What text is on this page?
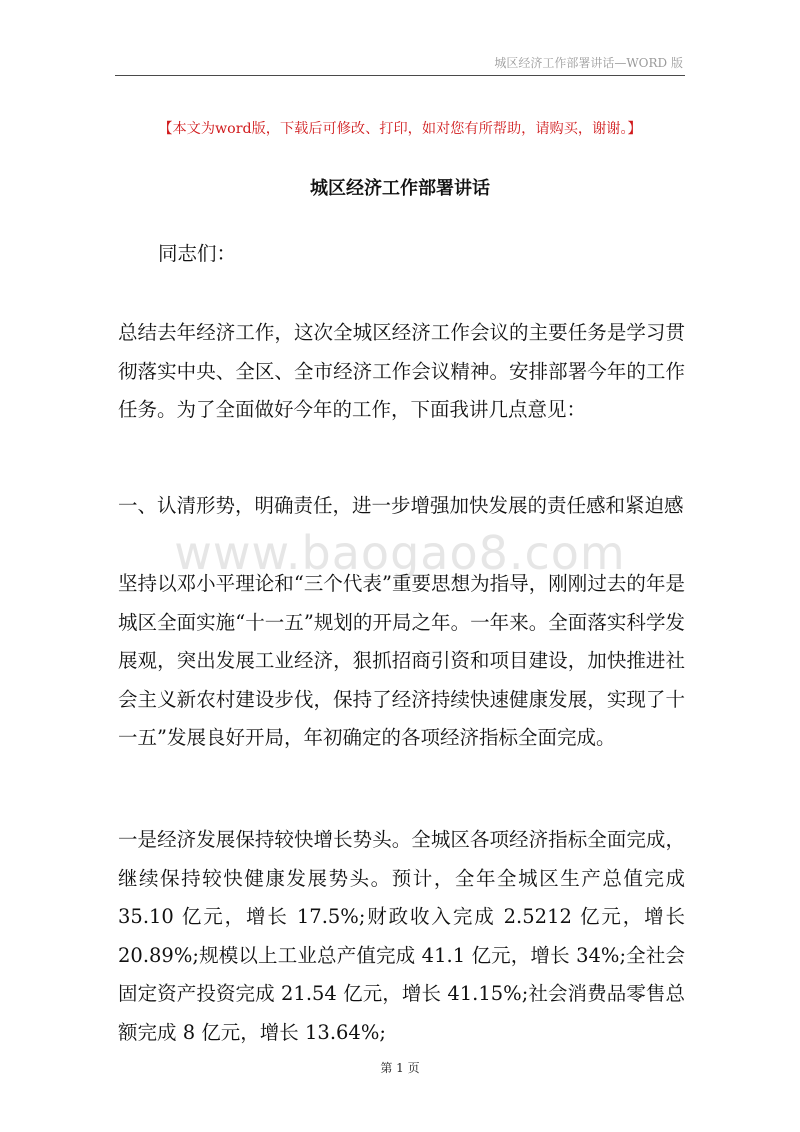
城区经济工作部署讲话—WORD 版
【本文为word版，下载后可修改、打印，如对您有所帮助，请购买，谢谢。】
城区经济工作部署讲话

同志们：

总结去年经济工作，这次全城区经济工作会议的主要任务是学习贯彻落实中央、全区、全市经济工作会议精神。安排部署今年的工作任务。为了全面做好今年的工作，下面我讲几点意见：

一、认清形势，明确责任，进一步增强加快发展的责任感和紧迫感

www.baogao8.com

坚持以邓小平理论和“三个代表”重要思想为指导，刚刚过去的年是城区全面实施“十一五”规划的开局之年。一年来。全面落实科学发展观，突出发展工业经济，狠抓招商引资和项目建设，加快推进社会主义新农村建设步伐，保持了经济持续快速健康发展，实现了十一五”发展良好开局，年初确定的各项经济指标全面完成。

一是经济发展保持较快增长势头。全城区各项经济指标全面完成，继续保持较快健康发展势头。预计，全年全城区生产总值完成 35.10 亿元，增长 17.5%;财政收入完成 2.5212 亿元，增长 20.89%;规模以上工业总产值完成 41.1 亿元，增长 34%;全社会固定资产投资完成 21.54 亿元，增长 41.15%;社会消费品零售总额完成 8 亿元，增长 13.64%;

第 1 页
